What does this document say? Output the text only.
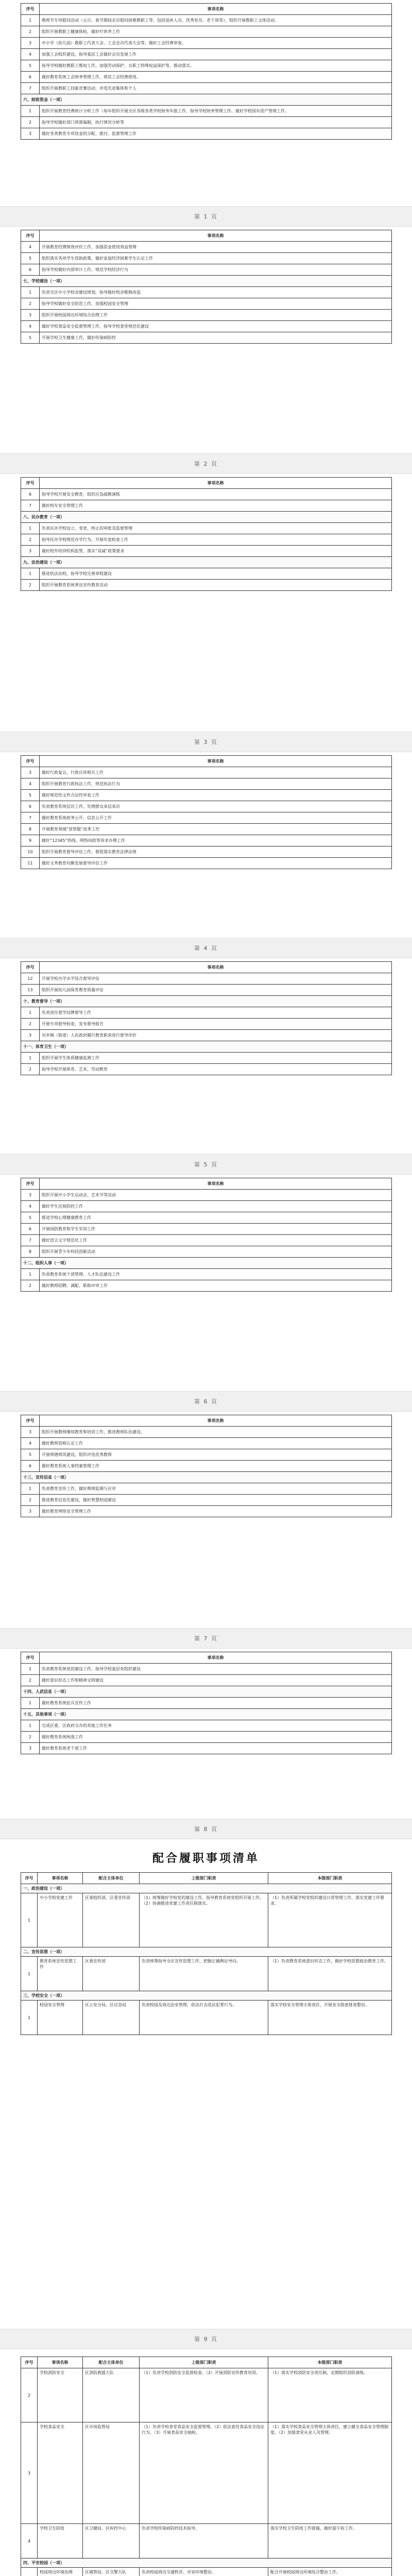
序号	事项名称
1	教师节专项慰问活动（元旦、春节期间走访慰问困难教职工等，包括退休人员、优秀党员、老干部等），组织开展教职工文体活动。
2	组织开展教职工健康体检，做好疗休养工作
3	中小学（幼儿园）教职工代表大会、工会会员代表大会等，做好工会经费审查。
4	加强工会组织建设，指导基层工会做好会员发展工作
5	指导学校做好教职工维权工作，加强劳动保护、女职工特殊权益保护等，推动落实。
6	做好教育系统工会财务管理工作，规范工会经费使用。
7	组织开展教职工技能竞赛活动，评选先进集体和个人
六、财政资金（一项）	
1	组织开展教育经费统计分析工作（每年组织开展全区各级各类学校财务年报工作，指导学校财务管理工作。做好学校国有资产管理工作。
2	指导学校做好部门预算编制，执行情况分析等
3	做好各类教育专项资金的分配、拨付、监督管理工作
第 1 页
序号	事项名称
4	开展教育经费绩效评价工作，加强资金使用效益管理
5	组织落实各项学生资助政策，做好家庭经济困难学生认定工作
6	指导学校做好内部审计工作，规范学校经济行为
七、学校建设（一项）	
1	负责全区中小学校舍建设规划，指导做好校舍维修改造
2	指导学校做好安全防范工作，加强校园安全管理
3	组织开展校园周边环境综合治理工作
4	做好学校食品安全监督管理工作，指导学校食堂规范化建设
5	开展学校卫生健康工作，做好传染病防控
第 2 页
序号	事项名称
6	指导学校开展安全教育，组织应急疏散演练
7	做好校车安全管理工作
八、民办教育（一项）	
1	负责民办学校设立、变更、终止的审批及监督管理
2	指导民办学校规范办学行为，开展年度检查工作
3	做好校外培训机构监管，落实“双减”政策要求
九、法治建设（一项）	
1	推进依法治校，指导学校完善章程建设
2	组织开展教育系统普法宣传教育活动
第 3 页
序号	事项名称
3	做好行政复议、行政应诉相关工作
4	组织开展教育行政执法工作，规范执法行为
5	做好规范性文件合法性审查工作
6	负责教育系统信访工作，处理群众来信来访
7	做好教育系统政务公开、信息公开工作
8	开展教育领域“放管服”改革工作
9	做好“12345”热线、网络问政等诉求办理工作
10	组织开展教育督导评估工作，督促落实教育法律法规
11	做好义务教育均衡发展督导评估工作
第 4 页
序号	事项名称
12	开展学校办学水平综合督导评估
13	组织开展幼儿园保育教育质量评估
十、教育督导（一项）	
1	负责责任督学挂牌督导工作
2	开展专项督导检查，发布督导报告
3	对乡镇（街道）人民政府履行教育职责进行督导评价
十一、体育卫生（一项）	
1	组织开展学生体质健康监测工作
2	指导学校开展体育、艺术、劳动教育
第 5 页
序号	事项名称
3	组织开展中小学生运动会、艺术节等活动
4	做好学生近视防控工作
5	推进学校心理健康教育工作
6	开展国防教育和学生军训工作
7	做好语言文字规范化工作
8	组织开展青少年科技创新活动
十二、组织人事（一项）	
1	负责教育系统干部管理、人才队伍建设工作
2	做好教师招聘、调配、职称评审工作
第 6 页
序号	事项名称
3	组织开展教师继续教育和培训工作，推进教师队伍建设。
4	做好教师资格认定工作
5	开展师德师风建设，组织评选优秀教师
6	做好教育系统人事档案管理工作
十三、宣传信息（一项）	
1	负责教育宣传工作，做好舆情监测与应对
2	推进教育信息化建设，做好智慧校园建设
3	做好教育网络安全管理工作
第 7 页
序号	事项名称
1	负责教育系统党的建设工作，指导学校基层党组织建设
2	做好意识形态工作和精神文明建设
十四、人武信息（一项）	
1	做好教育系统征兵宣传工作
十五、其他事项（一项）	
1	完成区委、区政府交办的其他工作任务
2	做好教育系统统战工作
3	做好教育系统老干部工作
配合履职事项清单
第 8 页
序号	事项名称	配合主体单位	上级部门职责	本级部门职责
一、政治建设（一项）				
1	中小学校党建工作	区委组织部、区委宣传部	（1）统筹做好学校党的建设工作，指导教育系统党组织开展工作。（2）协调推进党建工作责任制落实。	（1）负责所属学校党组织建设日常管理工作，落实党建工作要求。
二、宣传思想（一项）				
1	教育系统宣传思想工作	区委宣传部	负责统筹指导全区宣传思想工作，把握正确舆论导向。	（1）负责教育系统意识形态工作，做好学校思想政治教育工作。
三、学校安全（一项）				
1	校园安全管理	区公安分局、区应急局	负责校园及周边治安管理，依法打击违法犯罪行为。	落实学校安全管理主体责任，开展安全隐患排查整治。
第 9 页
序号	事项名称	配合主体单位	上级部门职责	本级部门职责
2	学校消防安全	区消防救援大队	（1）负责学校消防安全监督检查。（2）开展消防宣传教育培训。	（1）落实学校消防安全责任制，定期组织消防演练。
3	学校食品安全	区市场监管局	（1）负责学校食堂食品安全监督管理。（2）依法查处食品安全违法行为。（3）开展食品安全抽检。	（1）落实学校食品安全管理主体责任，建立健全食品安全管理制度。（2）加强食堂从业人员管理。
4	学校卫生防疫	区卫健局、区疾控中心	负责学校传染病防控技术指导。	落实学校卫生防疫工作措施，做好晨午检工作。
四、平安校园（一项）				
	校园周边环境治理	区城管局、区交警大队	负责校园周边交通秩序、市容环境整治。	配合开展校园周边环境综合整治工作。
